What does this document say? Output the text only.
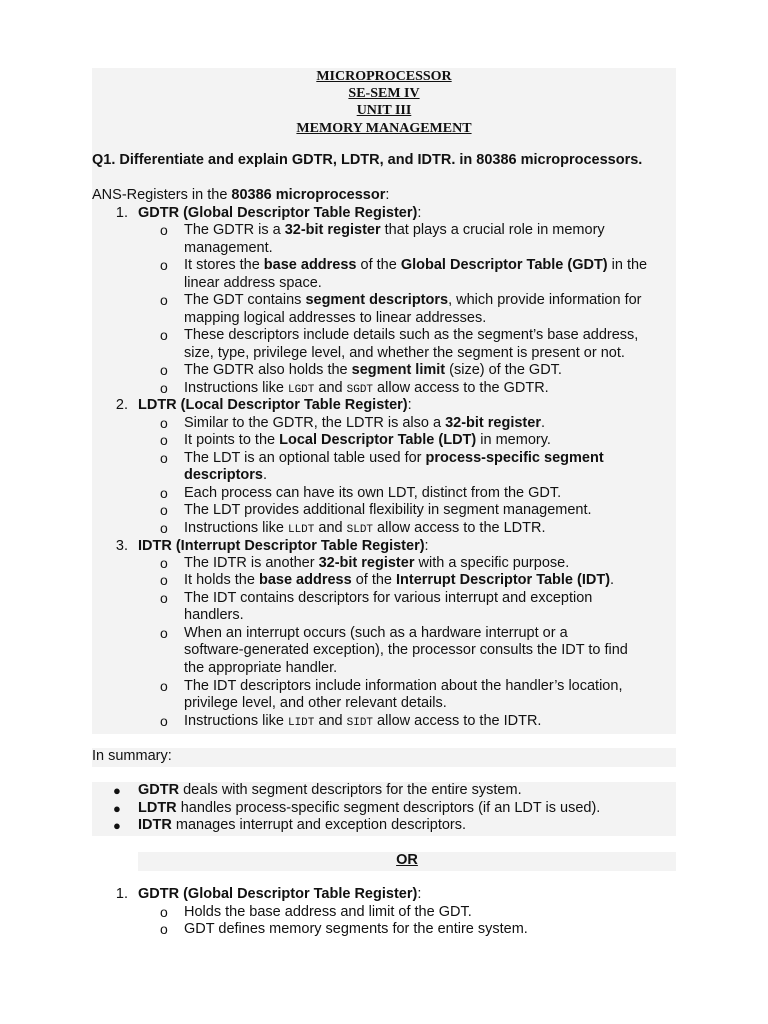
MICROPROCESSOR
SE-SEM IV
UNIT III
MEMORY MANAGEMENT
Q1. Differentiate and explain GDTR, LDTR, and IDTR. in 80386 microprocessors.
ANS-Registers in the 80386 microprocessor:
1. GDTR (Global Descriptor Table Register):
o The GDTR is a 32-bit register that plays a crucial role in memory
management.
o It stores the base address of the Global Descriptor Table (GDT) in the
linear address space.
o The GDT contains segment descriptors, which provide information for
mapping logical addresses to linear addresses.
o These descriptors include details such as the segment’s base address,
size, type, privilege level, and whether the segment is present or not.
o The GDTR also holds the segment limit (size) of the GDT.
o Instructions like LGDT and SGDT allow access to the GDTR.
2. LDTR (Local Descriptor Table Register):
o Similar to the GDTR, the LDTR is also a 32-bit register.
o It points to the Local Descriptor Table (LDT) in memory.
o The LDT is an optional table used for process-specific segment
descriptors.
o Each process can have its own LDT, distinct from the GDT.
o The LDT provides additional flexibility in segment management.
o Instructions like LLDT and SLDT allow access to the LDTR.
3. IDTR (Interrupt Descriptor Table Register):
o The IDTR is another 32-bit register with a specific purpose.
o It holds the base address of the Interrupt Descriptor Table (IDT).
o The IDT contains descriptors for various interrupt and exception
handlers.
o When an interrupt occurs (such as a hardware interrupt or a
software-generated exception), the processor consults the IDT to find
the appropriate handler.
o The IDT descriptors include information about the handler’s location,
privilege level, and other relevant details.
o Instructions like LIDT and SIDT allow access to the IDTR.
In summary:
● GDTR deals with segment descriptors for the entire system.
● LDTR handles process-specific segment descriptors (if an LDT is used).
● IDTR manages interrupt and exception descriptors.
OR
1. GDTR (Global Descriptor Table Register):
o Holds the base address and limit of the GDT.
o GDT defines memory segments for the entire system.
